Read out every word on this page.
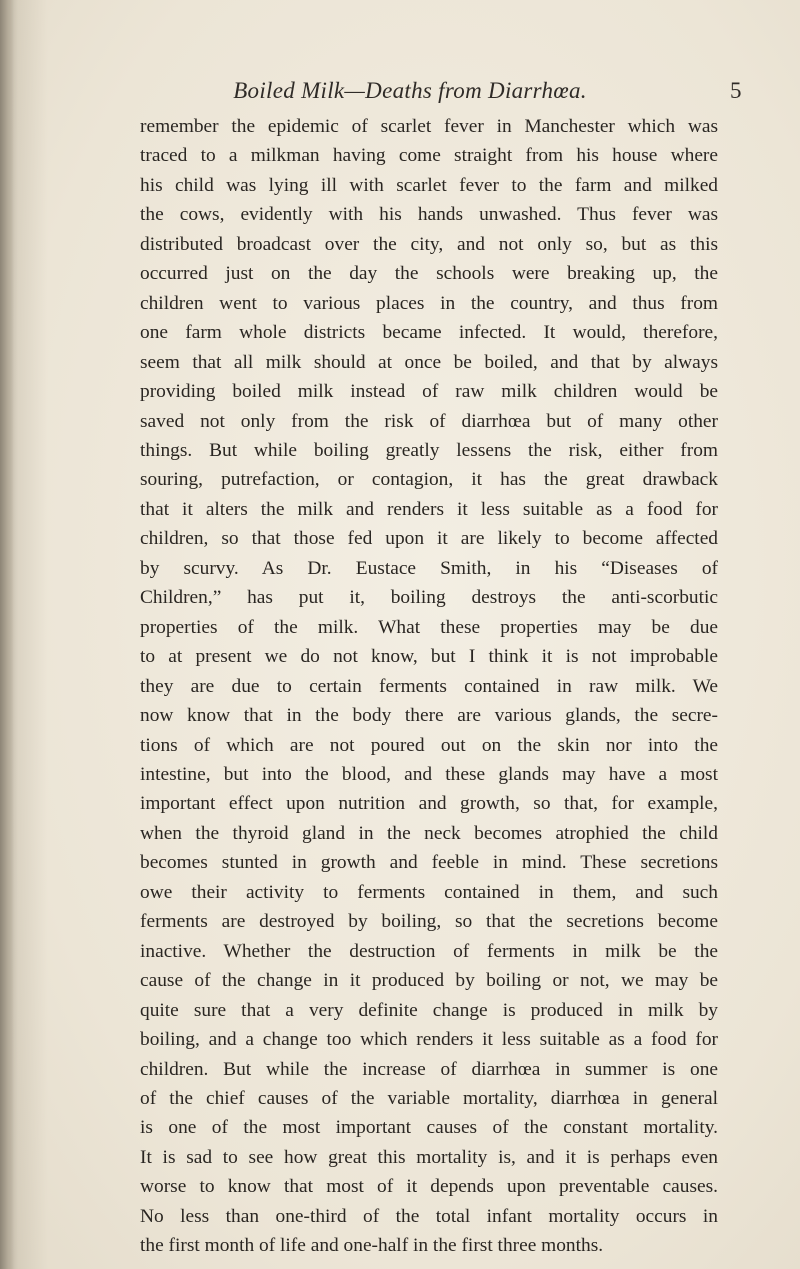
Boiled Milk—Deaths from Diarrhœa.	5
remember the epidemic of scarlet fever in Manchester which was
traced to a milkman having come straight from his house where
his child was lying ill with scarlet fever to the farm and milked
the cows, evidently with his hands unwashed. Thus fever was
distributed broadcast over the city, and not only so, but as this
occurred just on the day the schools were breaking up, the
children went to various places in the country, and thus from
one farm whole districts became infected. It would, therefore,
seem that all milk should at once be boiled, and that by always
providing boiled milk instead of raw milk children would be
saved not only from the risk of diarrhœa but of many other
things. But while boiling greatly lessens the risk, either from
souring, putrefaction, or contagion, it has the great drawback
that it alters the milk and renders it less suitable as a food for
children, so that those fed upon it are likely to become affected
by scurvy. As Dr. Eustace Smith, in his “Diseases of
Children,” has put it, boiling destroys the anti-scorbutic
properties of the milk. What these properties may be due
to at present we do not know, but I think it is not improbable
they are due to certain ferments contained in raw milk. We
now know that in the body there are various glands, the secre-
tions of which are not poured out on the skin nor into the
intestine, but into the blood, and these glands may have a most
important effect upon nutrition and growth, so that, for example,
when the thyroid gland in the neck becomes atrophied the child
becomes stunted in growth and feeble in mind. These secretions
owe their activity to ferments contained in them, and such
ferments are destroyed by boiling, so that the secretions become
inactive. Whether the destruction of ferments in milk be the
cause of the change in it produced by boiling or not, we may be
quite sure that a very definite change is produced in milk by
boiling, and a change too which renders it less suitable as a food for
children. But while the increase of diarrhœa in summer is one
of the chief causes of the variable mortality, diarrhœa in general
is one of the most important causes of the constant mortality.
It is sad to see how great this mortality is, and it is perhaps even
worse to know that most of it depends upon preventable causes.
No less than one-third of the total infant mortality occurs in
the first month of life and one-half in the first three months.
